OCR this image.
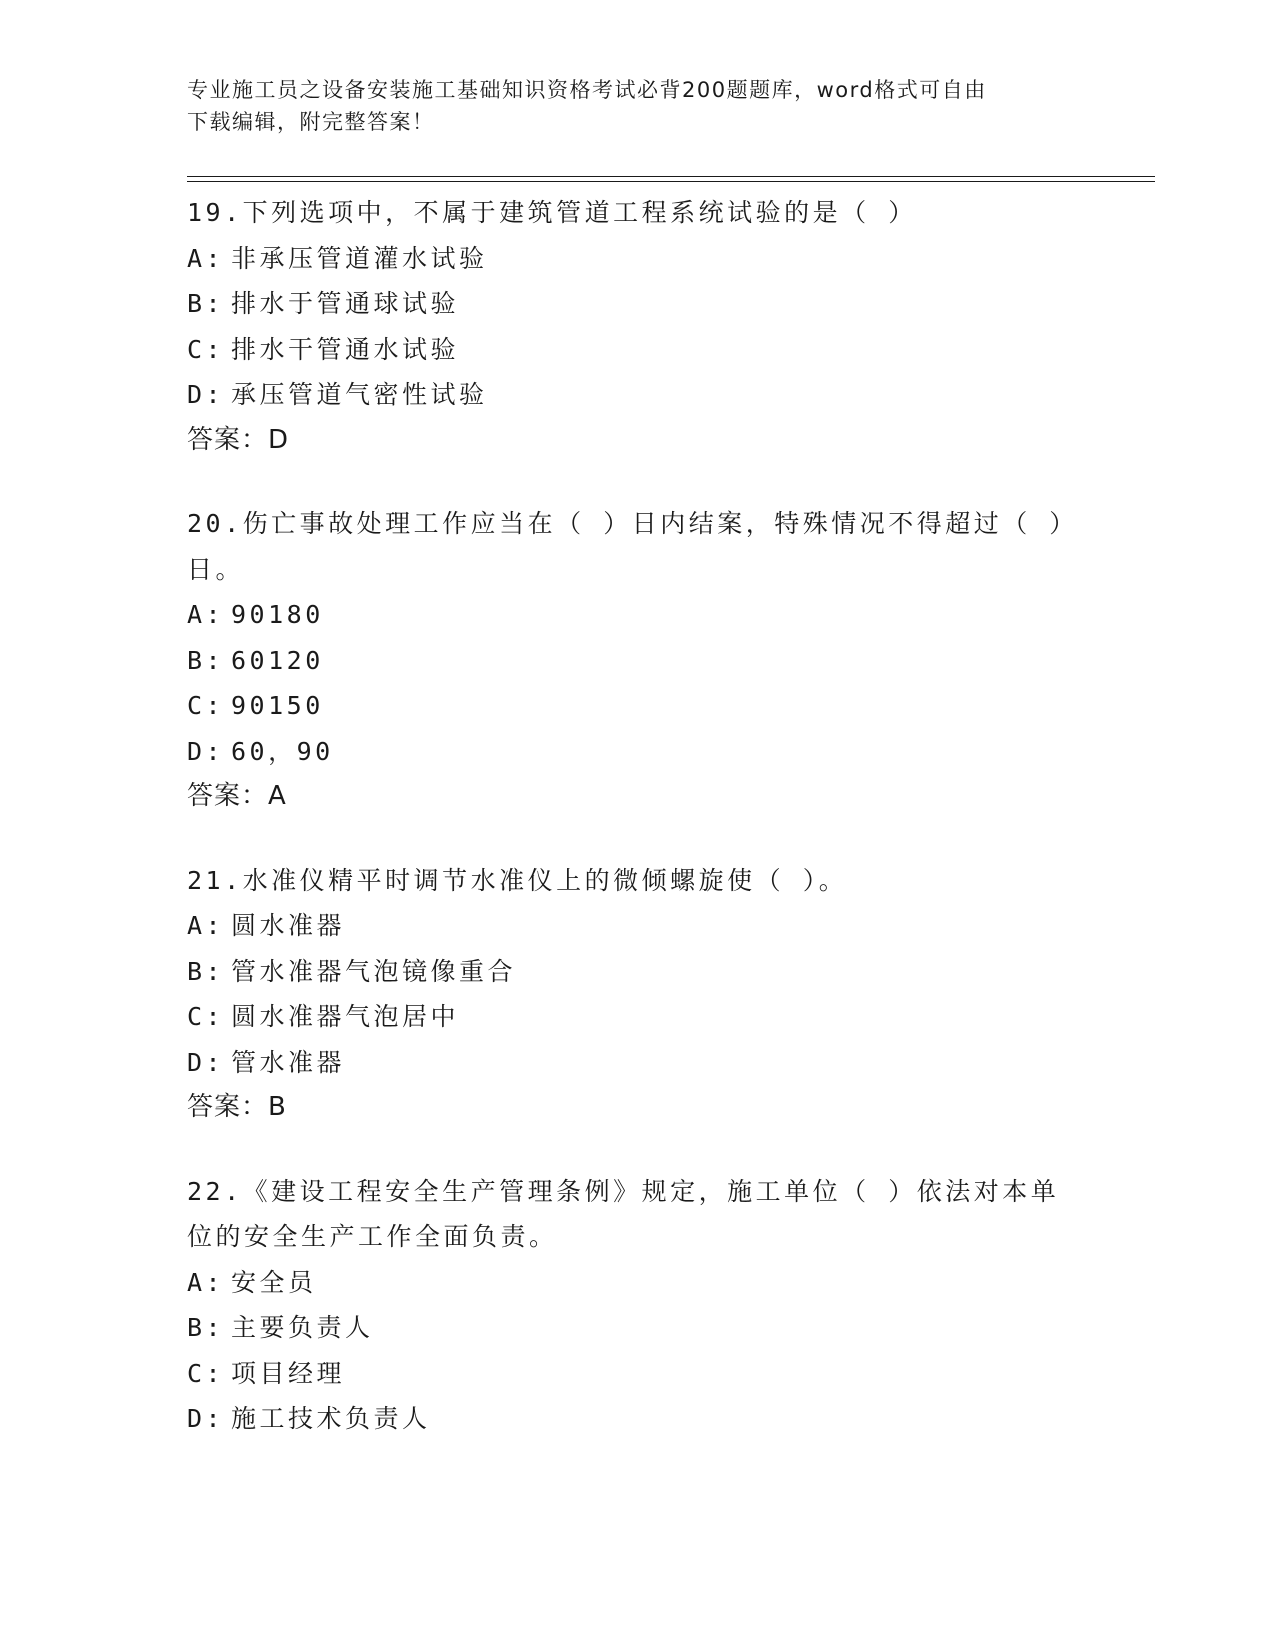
专业施工员之设备安装施工基础知识资格考试必背200题题库，word格式可自由
下载编辑，附完整答案！
19.下列选项中，不属于建筑管道工程系统试验的是（ ）
A: 非承压管道灌水试验
B: 排水于管通球试验
C: 排水干管通水试验
D: 承压管道气密性试验
答案：D
20.伤亡事故处理工作应当在（ ）日内结案，特殊情况不得超过（ ）日。
A: 90180
B: 60120
C: 90150
D: 60，90
答案：A
21.水准仪精平时调节水准仪上的微倾螺旋使（ ）。
A: 圆水准器
B: 管水准器气泡镜像重合
C: 圆水准器气泡居中
D: 管水准器
答案：B
22.《建设工程安全生产管理条例》规定，施工单位（ ）依法对本单位的安全生产工作全面负责。
A: 安全员
B: 主要负责人
C: 项目经理
D: 施工技术负责人
